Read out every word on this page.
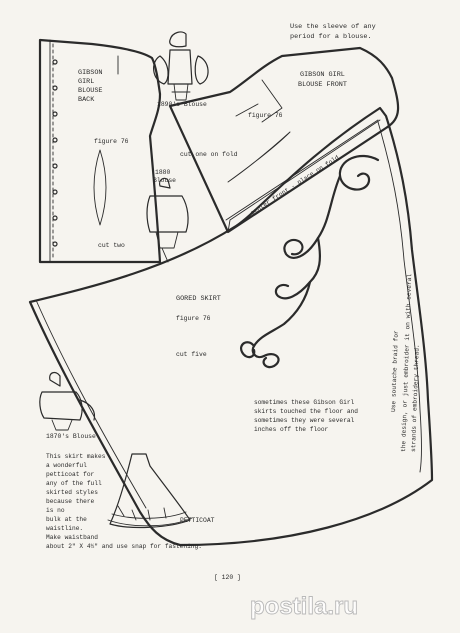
Use the sleeve of any
period for a blouse.
GIBSON
GIRL
BLOUSE
BACK
figure 76
cut two
1890's Blouse
GIBSON GIRL
BLOUSE FRONT
figure 76
cut one on fold center front - place on fold
1880
Blouse
GORED SKIRT
figure 76
cut five
sometimes these Gibson Girl
skirts touched the floor and
sometimes they were several
inches off the floor
Use soutache braid for the design, or just embroider it on with several
strands of embroidery thread.
1870's Blouse
This skirt makes
a wonderful
petticoat for
any of the full
skirted styles
because there
is no
bulk at the
waistline.
Make waistband
about 2" X 4½" and use snap for fastening.
PETTICOAT
[ 120 ]
postila.ru
